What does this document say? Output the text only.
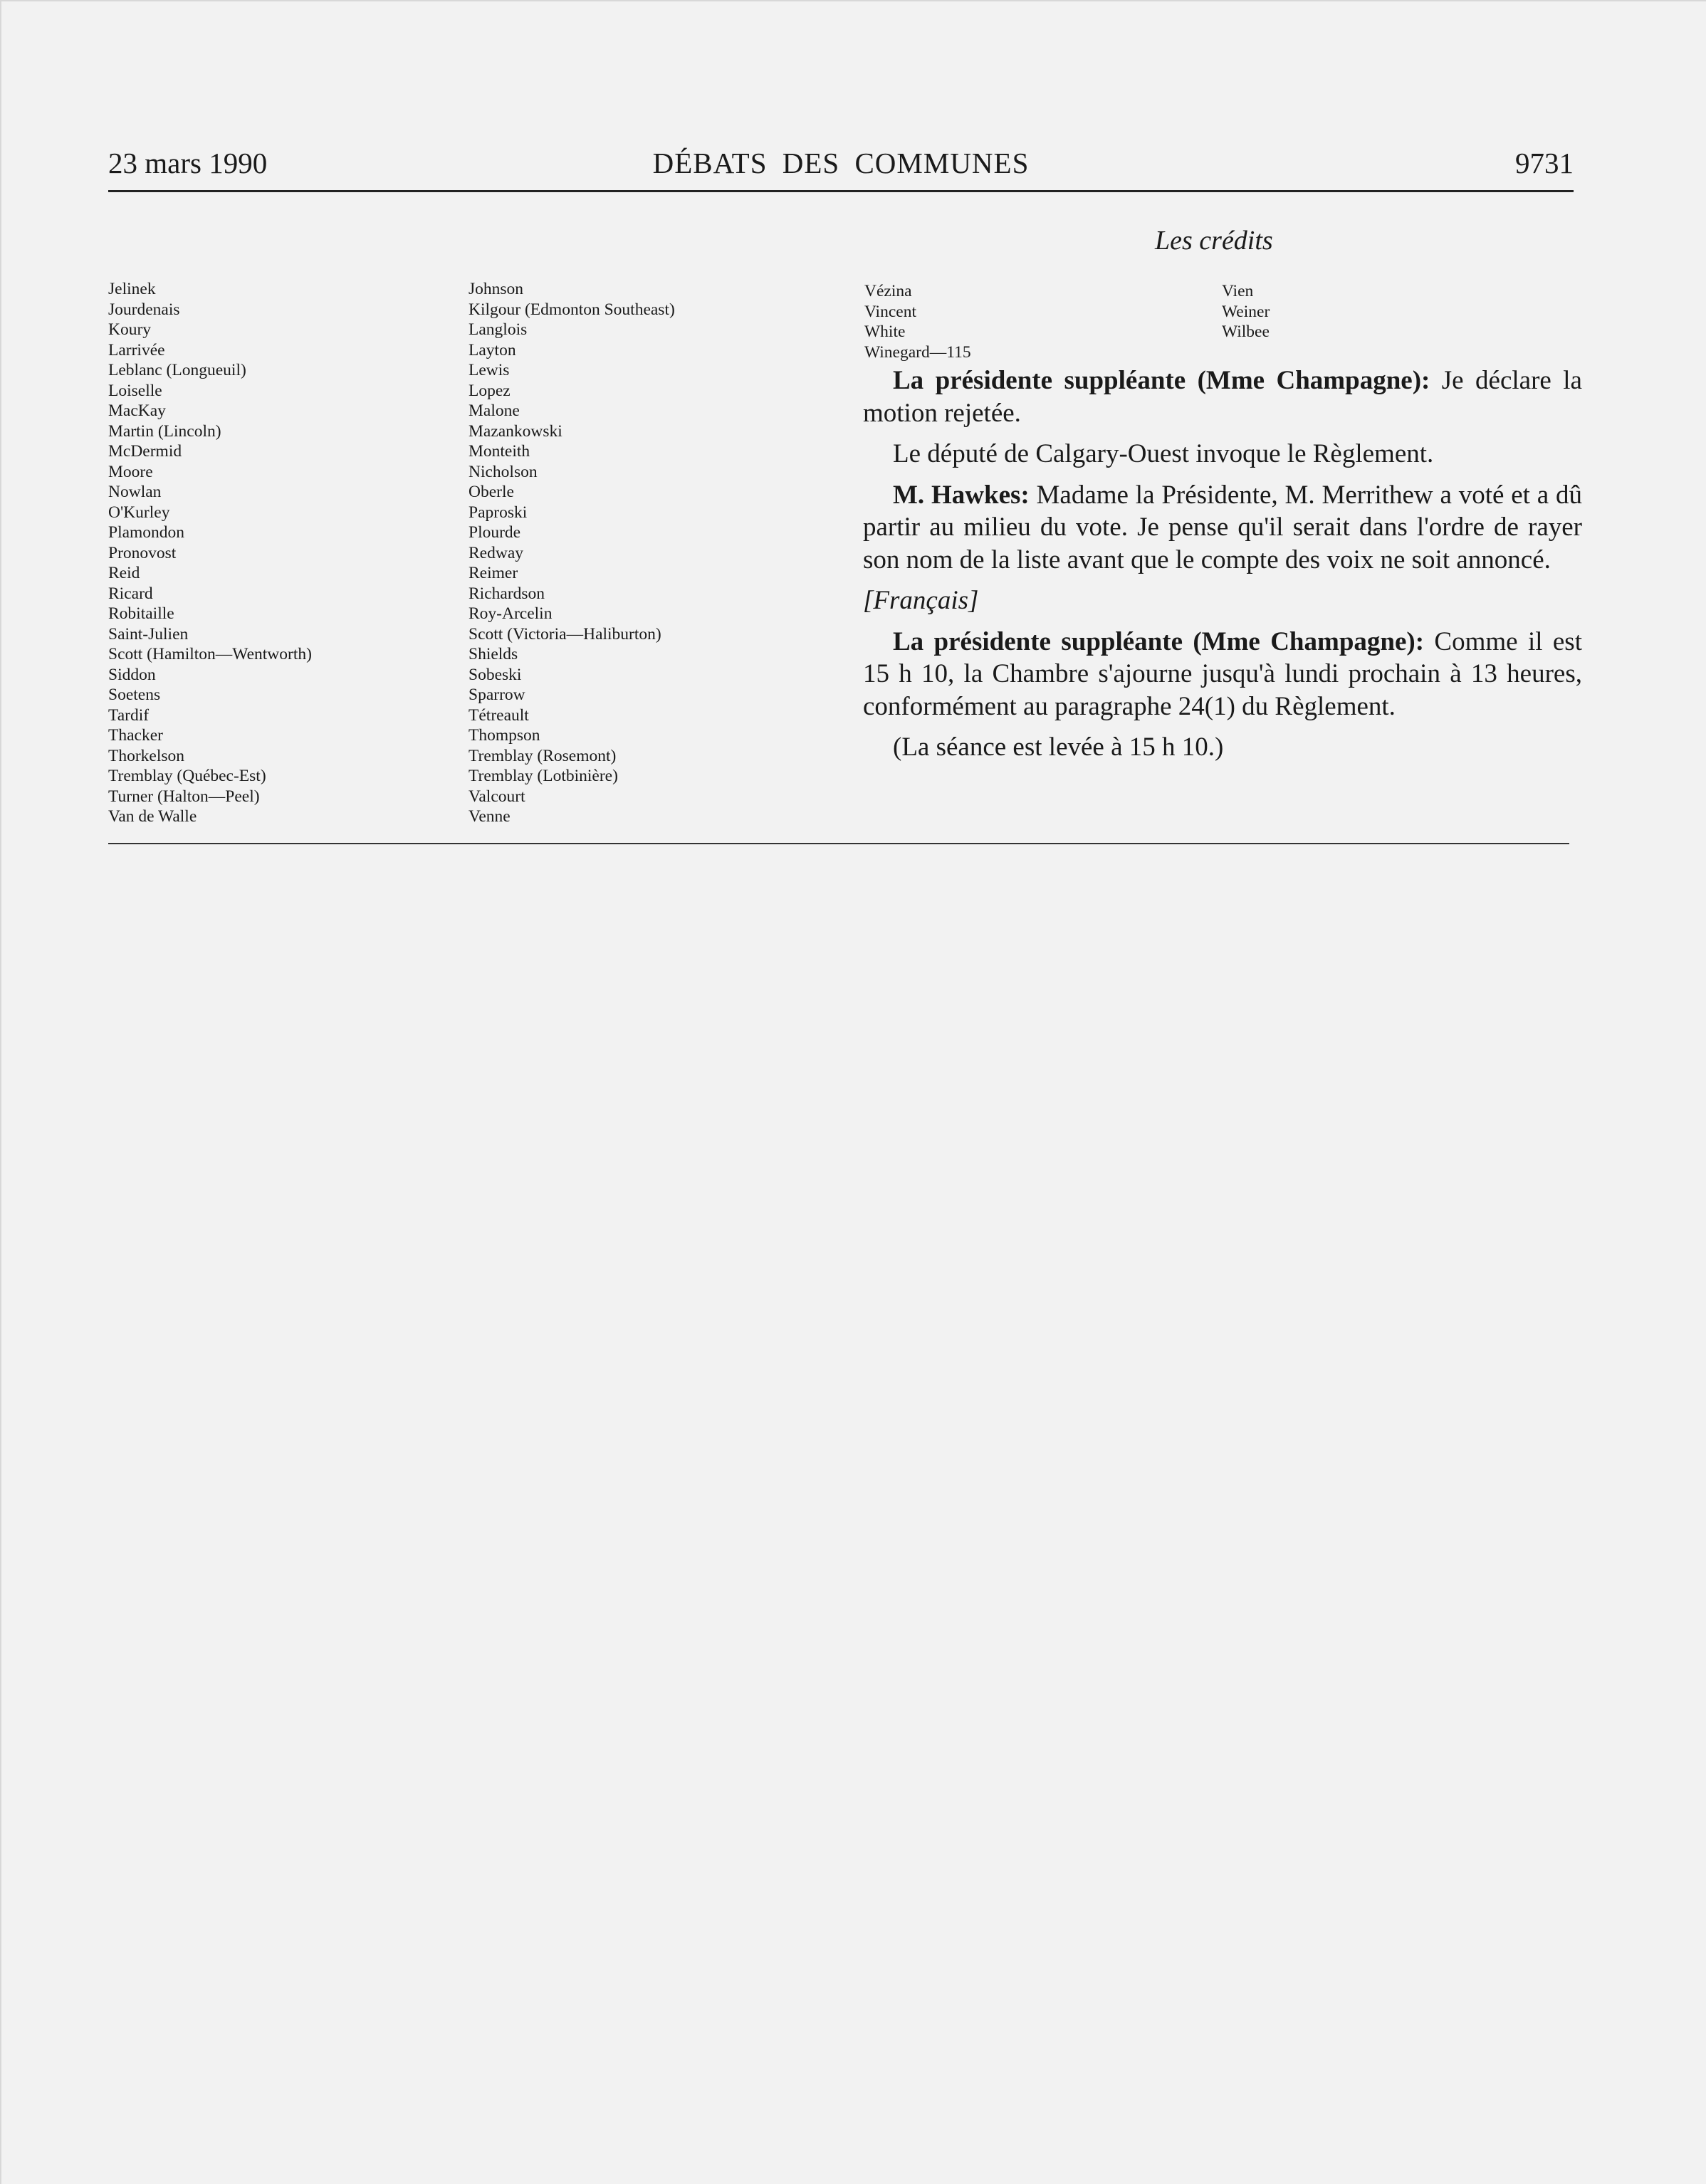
23 mars 1990	DÉBATS DES COMMUNES	9731
Les crédits
Jelinek
Jourdenais
Koury
Larrivée
Leblanc (Longueuil)
Loiselle
MacKay
Martin (Lincoln)
McDermid
Moore
Nowlan
O'Kurley
Plamondon
Pronovost
Reid
Ricard
Robitaille
Saint-Julien
Scott (Hamilton—Wentworth)
Siddon
Soetens
Tardif
Thacker
Thorkelson
Tremblay (Québec-Est)
Turner (Halton—Peel)
Van de Walle
Johnson
Kilgour (Edmonton Southeast)
Langlois
Layton
Lewis
Lopez
Malone
Mazankowski
Monteith
Nicholson
Oberle
Paproski
Plourde
Redway
Reimer
Richardson
Roy-Arcelin
Scott (Victoria—Haliburton)
Shields
Sobeski
Sparrow
Tétreault
Thompson
Tremblay (Rosemont)
Tremblay (Lotbinière)
Valcourt
Venne
Vézina
Vincent
White
Winegard—115
Vien
Weiner
Wilbee

La présidente suppléante (Mme Champagne): Je déclare la motion rejetée.

Le député de Calgary-Ouest invoque le Règlement.

M. Hawkes: Madame la Présidente, M. Merrithew a voté et a dû partir au milieu du vote. Je pense qu'il serait dans l'ordre de rayer son nom de la liste avant que le compte des voix ne soit annoncé.

[Français]

La présidente suppléante (Mme Champagne): Comme il est 15 h 10, la Chambre s'ajourne jusqu'à lundi prochain à 13 heures, conformément au paragraphe 24(1) du Règlement.

(La séance est levée à 15 h 10.)
